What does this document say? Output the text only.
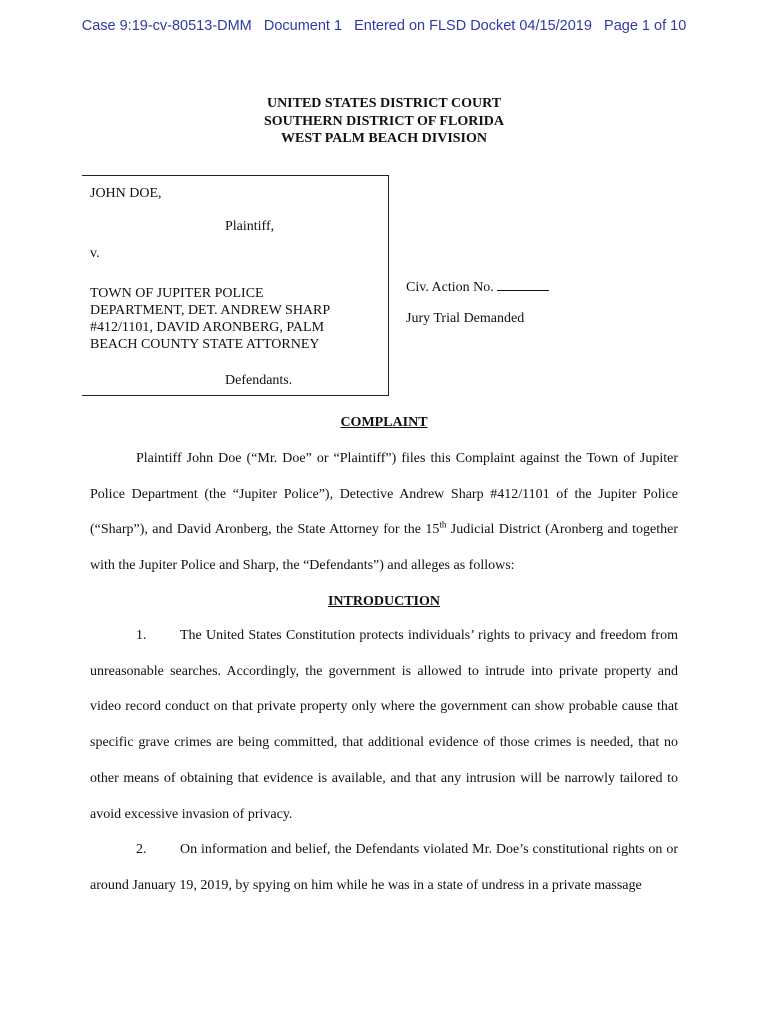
Case 9:19-cv-80513-DMM Document 1 Entered on FLSD Docket 04/15/2019 Page 1 of 10
UNITED STATES DISTRICT COURT
SOUTHERN DISTRICT OF FLORIDA
WEST PALM BEACH DIVISION
JOHN DOE,
Plaintiff,
v.
TOWN OF JUPITER POLICE
DEPARTMENT, DET. ANDREW SHARP
#412/1101, DAVID ARONBERG, PALM
BEACH COUNTY STATE ATTORNEY
Defendants.
Civ. Action No.
Jury Trial Demanded
COMPLAINT

Plaintiff John Doe (“Mr. Doe” or “Plaintiff”) files this Complaint against the Town of Jupiter Police Department (the “Jupiter Police”), Detective Andrew Sharp #412/1101 of the Jupiter Police (“Sharp”), and David Aronberg, the State Attorney for the 15th Judicial District (Aronberg and together with the Jupiter Police and Sharp, the “Defendants”) and alleges as follows:

INTRODUCTION

1. The United States Constitution protects individuals’ rights to privacy and freedom from unreasonable searches. Accordingly, the government is allowed to intrude into private property and video record conduct on that private property only where the government can show probable cause that specific grave crimes are being committed, that additional evidence of those crimes is needed, that no other means of obtaining that evidence is available, and that any intrusion will be narrowly tailored to avoid excessive invasion of privacy.

2. On information and belief, the Defendants violated Mr. Doe’s constitutional rights on or around January 19, 2019, by spying on him while he was in a state of undress in a private massage
